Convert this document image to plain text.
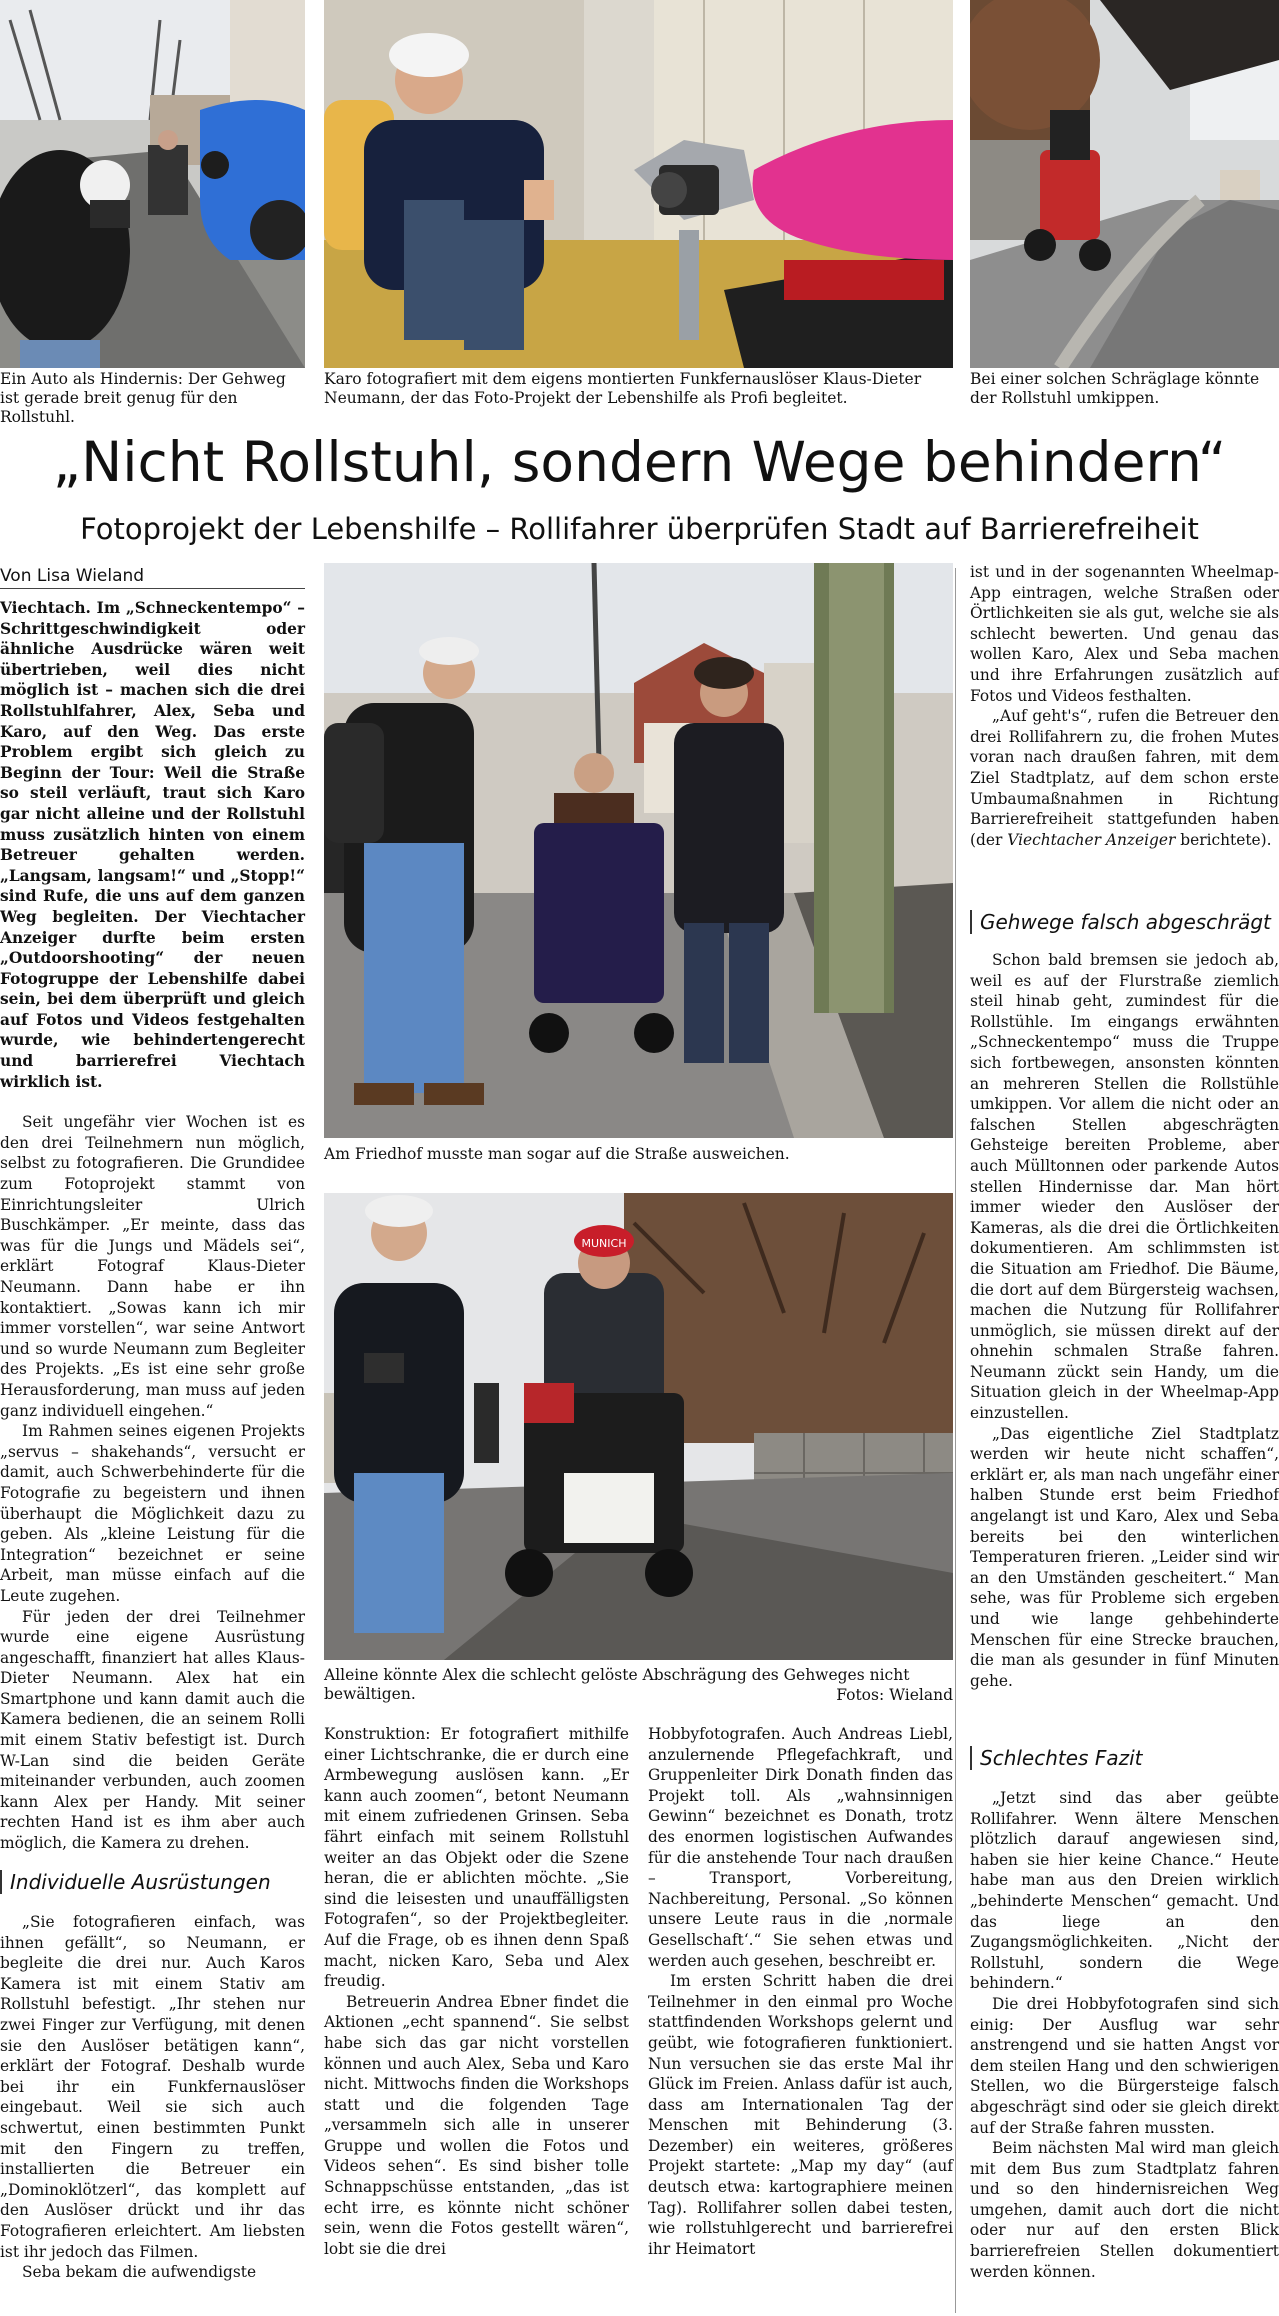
Ein Auto als Hindernis: Der Gehweg ist gerade breit genug für den Rollstuhl.
Karo fotografiert mit dem eigens montierten Funkfernauslöser Klaus-Dieter Neumann, der das Foto-Projekt der Lebenshilfe als Profi begleitet.
Bei einer solchen Schräglage könnte der Rollstuhl umkippen.
„Nicht Rollstuhl, sondern Wege behindern“
Fotoprojekt der Lebenshilfe – Rollifahrer überprüfen Stadt auf Barrierefreiheit
Von Lisa Wieland

Viechtach. Im „Schneckentempo“ – Schrittgeschwindigkeit oder ähnliche Ausdrücke wären weit übertrieben, weil dies nicht möglich ist – machen sich die drei Rollstuhlfahrer, Alex, Seba und Karo, auf den Weg. Das erste Problem ergibt sich gleich zu Beginn der Tour: Weil die Straße so steil verläuft, traut sich Karo gar nicht alleine und der Rollstuhl muss zusätzlich hinten von einem Betreuer gehalten werden. „Langsam, langsam!“ und „Stopp!“ sind Rufe, die uns auf dem ganzen Weg begleiten. Der Viechtacher Anzeiger durfte beim ersten „Outdoorshooting“ der neuen Fotogruppe der Lebenshilfe dabei sein, bei dem überprüft und gleich auf Fotos und Videos festgehalten wurde, wie behindertengerecht und barrierefrei Viechtach wirklich ist.

Seit ungefähr vier Wochen ist es den drei Teilnehmern nun möglich, selbst zu fotografieren. Die Grundidee zum Fotoprojekt stammt von Einrichtungsleiter Ulrich Buschkämper. „Er meinte, dass das was für die Jungs und Mädels sei“, erklärt Fotograf Klaus-Dieter Neumann. Dann habe er ihn kontaktiert. „Sowas kann ich mir immer vorstellen“, war seine Antwort und so wurde Neumann zum Begleiter des Projekts. „Es ist eine sehr große Herausforderung, man muss auf jeden ganz individuell eingehen.“

Im Rahmen seines eigenen Projekts „servus – shakehands“, versucht er damit, auch Schwerbehinderte für die Fotografie zu begeistern und ihnen überhaupt die Möglichkeit dazu zu geben. Als „kleine Leistung für die Integration“ bezeichnet er seine Arbeit, man müsse einfach auf die Leute zugehen.

Für jeden der drei Teilnehmer wurde eine eigene Ausrüstung angeschafft, finanziert hat alles Klaus-Dieter Neumann. Alex hat ein Smartphone und kann damit auch die Kamera bedienen, die an seinem Rolli mit einem Stativ befestigt ist. Durch W-Lan sind die beiden Geräte miteinander verbunden, auch zoomen kann Alex per Handy. Mit seiner rechten Hand ist es ihm aber auch möglich, die Kamera zu drehen.

Individuelle Ausrüstungen

„Sie fotografieren einfach, was ihnen gefällt“, so Neumann, er begleite die drei nur. Auch Karos Kamera ist mit einem Stativ am Rollstuhl befestigt. „Ihr stehen nur zwei Finger zur Verfügung, mit denen sie den Auslöser betätigen kann“, erklärt der Fotograf. Deshalb wurde bei ihr ein Funkfernauslöser eingebaut. Weil sie sich auch schwertut, einen bestimmten Punkt mit den Fingern zu treffen, installierten die Betreuer ein „Dominoklötzerl“, das komplett auf den Auslöser drückt und ihr das Fotografieren erleichtert. Am liebsten ist ihr jedoch das Filmen.

Seba bekam die aufwendigste

Am Friedhof musste man sogar auf die Straße ausweichen.
MUNICH
Alleine könnte Alex die schlecht gelöste Abschrägung des Gehweges nicht bewältigen.	Fotos: Wieland

Konstruktion: Er fotografiert mithilfe einer Lichtschranke, die er durch eine Armbewegung auslösen kann. „Er kann auch zoomen“, betont Neumann mit einem zufriedenen Grinsen. Seba fährt einfach mit seinem Rollstuhl weiter an das Objekt oder die Szene heran, die er ablichten möchte. „Sie sind die leisesten und unauffälligsten Fotografen“, so der Projektbegleiter. Auf die Frage, ob es ihnen denn Spaß macht, nicken Karo, Seba und Alex freudig.

Betreuerin Andrea Ebner findet die Aktionen „echt spannend“. Sie selbst habe sich das gar nicht vorstellen können und auch Alex, Seba und Karo nicht. Mittwochs finden die Workshops statt und die folgenden Tage „versammeln sich alle in unserer Gruppe und wollen die Fotos und Videos sehen“. Es sind bisher tolle Schnappschüsse entstanden, „das ist echt irre, es könnte nicht schöner sein, wenn die Fotos gestellt wären“, lobt sie die drei

Hobbyfotografen. Auch Andreas Liebl, anzulernende Pflegefachkraft, und Gruppenleiter Dirk Donath finden das Projekt toll. Als „wahnsinnigen Gewinn“ bezeichnet es Donath, trotz des enormen logistischen Aufwandes für die anstehende Tour nach draußen – Transport, Vorbereitung, Nachbereitung, Personal. „So können unsere Leute raus in die ‚normale Gesellschaft‘.“ Sie sehen etwas und werden auch gesehen, beschreibt er.

Im ersten Schritt haben die drei Teilnehmer in den einmal pro Woche stattfindenden Workshops gelernt und geübt, wie fotografieren funktioniert. Nun versuchen sie das erste Mal ihr Glück im Freien. Anlass dafür ist auch, dass am Internationalen Tag der Menschen mit Behinderung (3. Dezember) ein weiteres, größeres Projekt startete: „Map my day“ (auf deutsch etwa: kartographiere meinen Tag). Rollifahrer sollen dabei testen, wie rollstuhlgerecht und barrierefrei ihr Heimatort

ist und in der sogenannten Wheelmap-App eintragen, welche Straßen oder Örtlichkeiten sie als gut, welche sie als schlecht bewerten. Und genau das wollen Karo, Alex und Seba machen und ihre Erfahrungen zusätzlich auf Fotos und Videos festhalten.

„Auf geht's“, rufen die Betreuer den drei Rollifahrern zu, die frohen Mutes voran nach draußen fahren, mit dem Ziel Stadtplatz, auf dem schon erste Umbaumaßnahmen in Richtung Barrierefreiheit stattgefunden haben (der Viechtacher Anzeiger berichtete).

Gehwege falsch abgeschrägt

Schon bald bremsen sie jedoch ab, weil es auf der Flurstraße ziemlich steil hinab geht, zumindest für die Rollstühle. Im eingangs erwähnten „Schneckentempo“ muss die Truppe sich fortbewegen, ansonsten könnten an mehreren Stellen die Rollstühle umkippen. Vor allem die nicht oder an falschen Stellen abgeschrägten Gehsteige bereiten Probleme, aber auch Mülltonnen oder parkende Autos stellen Hindernisse dar. Man hört immer wieder den Auslöser der Kameras, als die drei die Örtlichkeiten dokumentieren. Am schlimmsten ist die Situation am Friedhof. Die Bäume, die dort auf dem Bürgersteig wachsen, machen die Nutzung für Rollifahrer unmöglich, sie müssen direkt auf der ohnehin schmalen Straße fahren. Neumann zückt sein Handy, um die Situation gleich in der Wheelmap-App einzustellen.

„Das eigentliche Ziel Stadtplatz werden wir heute nicht schaffen“, erklärt er, als man nach ungefähr einer halben Stunde erst beim Friedhof angelangt ist und Karo, Alex und Seba bereits bei den winterlichen Temperaturen frieren. „Leider sind wir an den Umständen gescheitert.“ Man sehe, was für Probleme sich ergeben und wie lange gehbehinderte Menschen für eine Strecke brauchen, die man als gesunder in fünf Minuten gehe.

Schlechtes Fazit

„Jetzt sind das aber geübte Rollifahrer. Wenn ältere Menschen plötzlich darauf angewiesen sind, haben sie hier keine Chance.“ Heute habe man aus den Dreien wirklich „behinderte Menschen“ gemacht. Und das liege an den Zugangsmöglichkeiten. „Nicht der Rollstuhl, sondern die Wege behindern.“

Die drei Hobbyfotografen sind sich einig: Der Ausflug war sehr anstrengend und sie hatten Angst vor dem steilen Hang und den schwierigen Stellen, wo die Bürgersteige falsch abgeschrägt sind oder sie gleich direkt auf der Straße fahren mussten.

Beim nächsten Mal wird man gleich mit dem Bus zum Stadtplatz fahren und so den hindernisreichen Weg umgehen, damit auch dort die nicht oder nur auf den ersten Blick barrierefreien Stellen dokumentiert werden können.
